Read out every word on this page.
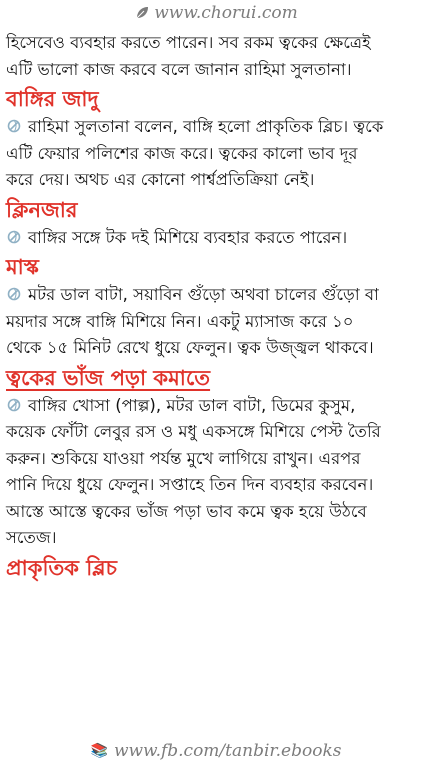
www.chorui.com

হিসেবেও ব্যবহার করতে পারেন। সব রকম ত্বকের ক্ষেত্রেই
এটি ভালো কাজ করবে বলে জানান রাহিমা সুলতানা।

বাঙ্গির জাদু

রাহিমা সুলতানা বলেন, বাঙ্গি হলো প্রাকৃতিক ব্লিচ। ত্বকে
এটি ফেয়ার পলিশের কাজ করে। ত্বকের কালো ভাব দূর
করে দেয়। অথচ এর কোনো পার্শ্বপ্রতিক্রিয়া নেই।

ক্লিনজার

বাঙ্গির সঙ্গে টক দই মিশিয়ে ব্যবহার করতে পারেন।

মাস্ক

মটর ডাল বাটা, সয়াবিন গুঁড়ো অথবা চালের গুঁড়ো বা
ময়দার সঙ্গে বাঙ্গি মিশিয়ে নিন। একটু ম্যাসাজ করে ১০
থেকে ১৫ মিনিট রেখে ধুয়ে ফেলুন। ত্বক উজ্জ্বল থাকবে।

ত্বকের ভাঁজ পড়া কমাতে

বাঙ্গির খোসা (পাল্প), মটর ডাল বাটা, ডিমের কুসুম,
কয়েক ফোঁটা লেবুর রস ও মধু একসঙ্গে মিশিয়ে পেস্ট তৈরি
করুন। শুকিয়ে যাওয়া পর্যন্ত মুখে লাগিয়ে রাখুন। এরপর
পানি দিয়ে ধুয়ে ফেলুন। সপ্তাহে তিন দিন ব্যবহার করবেন।
আস্তে আস্তে ত্বকের ভাঁজ পড়া ভাব কমে ত্বক হয়ে উঠবে
সতেজ।

প্রাকৃতিক ব্লিচ
📚 www.fb.com/tanbir.ebooks
